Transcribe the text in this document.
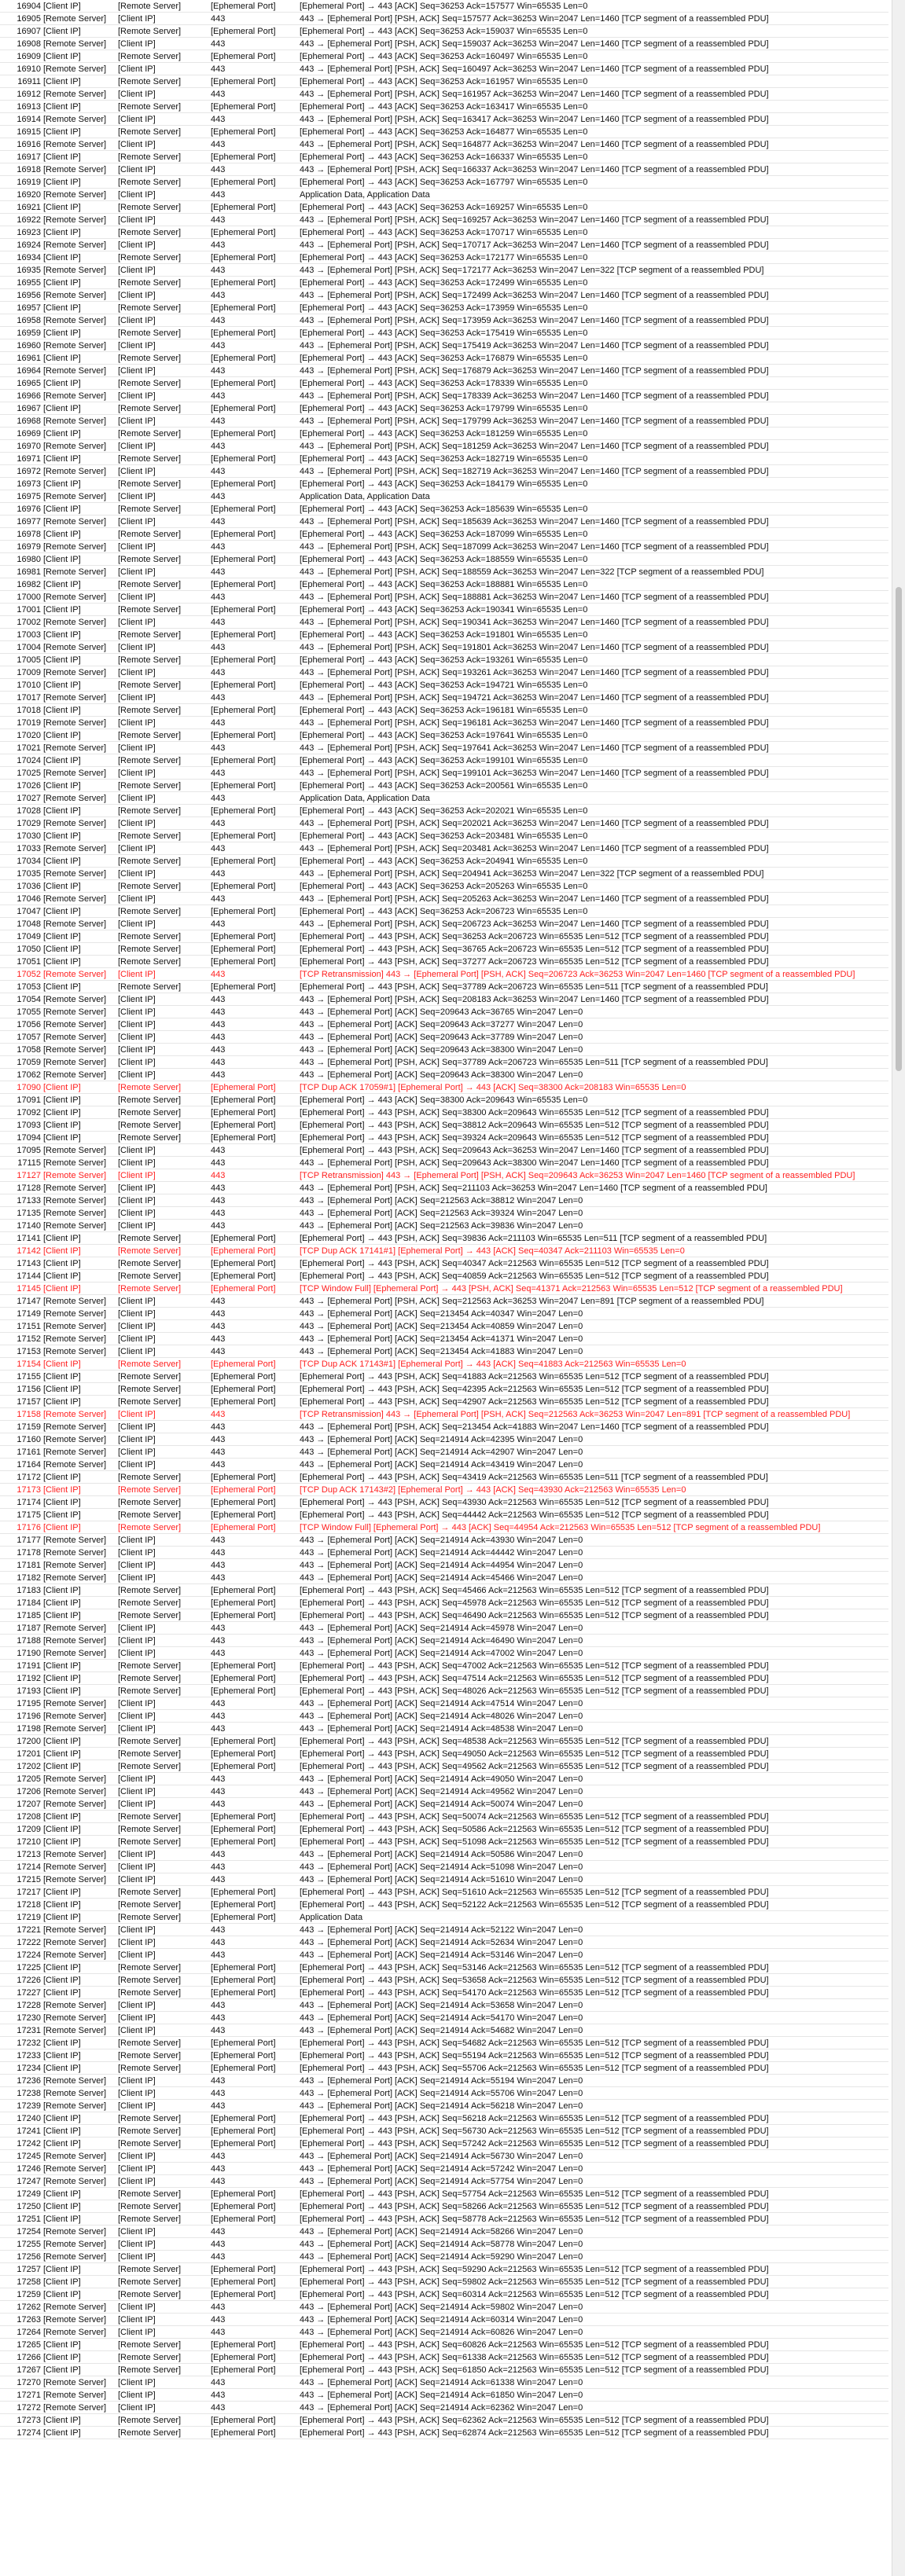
16904 [Client IP]	[Remote Server]	[Ephemeral Port]	[Ephemeral Port] → 443 [ACK] Seq=36253 Ack=157577 Win=65535 Len=0
16905 [Remote Server]	[Client IP]	443	443 → [Ephemeral Port] [PSH, ACK] Seq=157577 Ack=36253 Win=2047 Len=1460 [TCP segment of a reassembled PDU]
16907 [Client IP]	[Remote Server]	[Ephemeral Port]	[Ephemeral Port] → 443 [ACK] Seq=36253 Ack=159037 Win=65535 Len=0
16908 [Remote Server]	[Client IP]	443	443 → [Ephemeral Port] [PSH, ACK] Seq=159037 Ack=36253 Win=2047 Len=1460 [TCP segment of a reassembled PDU]
16909 [Client IP]	[Remote Server]	[Ephemeral Port]	[Ephemeral Port] → 443 [ACK] Seq=36253 Ack=160497 Win=65535 Len=0
16910 [Remote Server]	[Client IP]	443	443 → [Ephemeral Port] [PSH, ACK] Seq=160497 Ack=36253 Win=2047 Len=1460 [TCP segment of a reassembled PDU]
16911 [Client IP]	[Remote Server]	[Ephemeral Port]	[Ephemeral Port] → 443 [ACK] Seq=36253 Ack=161957 Win=65535 Len=0
16912 [Remote Server]	[Client IP]	443	443 → [Ephemeral Port] [PSH, ACK] Seq=161957 Ack=36253 Win=2047 Len=1460 [TCP segment of a reassembled PDU]
16913 [Client IP]	[Remote Server]	[Ephemeral Port]	[Ephemeral Port] → 443 [ACK] Seq=36253 Ack=163417 Win=65535 Len=0
16914 [Remote Server]	[Client IP]	443	443 → [Ephemeral Port] [PSH, ACK] Seq=163417 Ack=36253 Win=2047 Len=1460 [TCP segment of a reassembled PDU]
16915 [Client IP]	[Remote Server]	[Ephemeral Port]	[Ephemeral Port] → 443 [ACK] Seq=36253 Ack=164877 Win=65535 Len=0
16916 [Remote Server]	[Client IP]	443	443 → [Ephemeral Port] [PSH, ACK] Seq=164877 Ack=36253 Win=2047 Len=1460 [TCP segment of a reassembled PDU]
16917 [Client IP]	[Remote Server]	[Ephemeral Port]	[Ephemeral Port] → 443 [ACK] Seq=36253 Ack=166337 Win=65535 Len=0
16918 [Remote Server]	[Client IP]	443	443 → [Ephemeral Port] [PSH, ACK] Seq=166337 Ack=36253 Win=2047 Len=1460 [TCP segment of a reassembled PDU]
16919 [Client IP]	[Remote Server]	[Ephemeral Port]	[Ephemeral Port] → 443 [ACK] Seq=36253 Ack=167797 Win=65535 Len=0
16920 [Remote Server]	[Client IP]	443	Application Data, Application Data
16921 [Client IP]	[Remote Server]	[Ephemeral Port]	[Ephemeral Port] → 443 [ACK] Seq=36253 Ack=169257 Win=65535 Len=0
16922 [Remote Server]	[Client IP]	443	443 → [Ephemeral Port] [PSH, ACK] Seq=169257 Ack=36253 Win=2047 Len=1460 [TCP segment of a reassembled PDU]
16923 [Client IP]	[Remote Server]	[Ephemeral Port]	[Ephemeral Port] → 443 [ACK] Seq=36253 Ack=170717 Win=65535 Len=0
16924 [Remote Server]	[Client IP]	443	443 → [Ephemeral Port] [PSH, ACK] Seq=170717 Ack=36253 Win=2047 Len=1460 [TCP segment of a reassembled PDU]
16934 [Client IP]	[Remote Server]	[Ephemeral Port]	[Ephemeral Port] → 443 [ACK] Seq=36253 Ack=172177 Win=65535 Len=0
16935 [Remote Server]	[Client IP]	443	443 → [Ephemeral Port] [PSH, ACK] Seq=172177 Ack=36253 Win=2047 Len=322 [TCP segment of a reassembled PDU]
16955 [Client IP]	[Remote Server]	[Ephemeral Port]	[Ephemeral Port] → 443 [ACK] Seq=36253 Ack=172499 Win=65535 Len=0
16956 [Remote Server]	[Client IP]	443	443 → [Ephemeral Port] [PSH, ACK] Seq=172499 Ack=36253 Win=2047 Len=1460 [TCP segment of a reassembled PDU]
16957 [Client IP]	[Remote Server]	[Ephemeral Port]	[Ephemeral Port] → 443 [ACK] Seq=36253 Ack=173959 Win=65535 Len=0
16958 [Remote Server]	[Client IP]	443	443 → [Ephemeral Port] [PSH, ACK] Seq=173959 Ack=36253 Win=2047 Len=1460 [TCP segment of a reassembled PDU]
16959 [Client IP]	[Remote Server]	[Ephemeral Port]	[Ephemeral Port] → 443 [ACK] Seq=36253 Ack=175419 Win=65535 Len=0
16960 [Remote Server]	[Client IP]	443	443 → [Ephemeral Port] [PSH, ACK] Seq=175419 Ack=36253 Win=2047 Len=1460 [TCP segment of a reassembled PDU]
16961 [Client IP]	[Remote Server]	[Ephemeral Port]	[Ephemeral Port] → 443 [ACK] Seq=36253 Ack=176879 Win=65535 Len=0
16964 [Remote Server]	[Client IP]	443	443 → [Ephemeral Port] [PSH, ACK] Seq=176879 Ack=36253 Win=2047 Len=1460 [TCP segment of a reassembled PDU]
16965 [Client IP]	[Remote Server]	[Ephemeral Port]	[Ephemeral Port] → 443 [ACK] Seq=36253 Ack=178339 Win=65535 Len=0
16966 [Remote Server]	[Client IP]	443	443 → [Ephemeral Port] [PSH, ACK] Seq=178339 Ack=36253 Win=2047 Len=1460 [TCP segment of a reassembled PDU]
16967 [Client IP]	[Remote Server]	[Ephemeral Port]	[Ephemeral Port] → 443 [ACK] Seq=36253 Ack=179799 Win=65535 Len=0
16968 [Remote Server]	[Client IP]	443	443 → [Ephemeral Port] [PSH, ACK] Seq=179799 Ack=36253 Win=2047 Len=1460 [TCP segment of a reassembled PDU]
16969 [Client IP]	[Remote Server]	[Ephemeral Port]	[Ephemeral Port] → 443 [ACK] Seq=36253 Ack=181259 Win=65535 Len=0
16970 [Remote Server]	[Client IP]	443	443 → [Ephemeral Port] [PSH, ACK] Seq=181259 Ack=36253 Win=2047 Len=1460 [TCP segment of a reassembled PDU]
16971 [Client IP]	[Remote Server]	[Ephemeral Port]	[Ephemeral Port] → 443 [ACK] Seq=36253 Ack=182719 Win=65535 Len=0
16972 [Remote Server]	[Client IP]	443	443 → [Ephemeral Port] [PSH, ACK] Seq=182719 Ack=36253 Win=2047 Len=1460 [TCP segment of a reassembled PDU]
16973 [Client IP]	[Remote Server]	[Ephemeral Port]	[Ephemeral Port] → 443 [ACK] Seq=36253 Ack=184179 Win=65535 Len=0
16975 [Remote Server]	[Client IP]	443	Application Data, Application Data
16976 [Client IP]	[Remote Server]	[Ephemeral Port]	[Ephemeral Port] → 443 [ACK] Seq=36253 Ack=185639 Win=65535 Len=0
16977 [Remote Server]	[Client IP]	443	443 → [Ephemeral Port] [PSH, ACK] Seq=185639 Ack=36253 Win=2047 Len=1460 [TCP segment of a reassembled PDU]
16978 [Client IP]	[Remote Server]	[Ephemeral Port]	[Ephemeral Port] → 443 [ACK] Seq=36253 Ack=187099 Win=65535 Len=0
16979 [Remote Server]	[Client IP]	443	443 → [Ephemeral Port] [PSH, ACK] Seq=187099 Ack=36253 Win=2047 Len=1460 [TCP segment of a reassembled PDU]
16980 [Client IP]	[Remote Server]	[Ephemeral Port]	[Ephemeral Port] → 443 [ACK] Seq=36253 Ack=188559 Win=65535 Len=0
16981 [Remote Server]	[Client IP]	443	443 → [Ephemeral Port] [PSH, ACK] Seq=188559 Ack=36253 Win=2047 Len=322 [TCP segment of a reassembled PDU]
16982 [Client IP]	[Remote Server]	[Ephemeral Port]	[Ephemeral Port] → 443 [ACK] Seq=36253 Ack=188881 Win=65535 Len=0
17000 [Remote Server]	[Client IP]	443	443 → [Ephemeral Port] [PSH, ACK] Seq=188881 Ack=36253 Win=2047 Len=1460 [TCP segment of a reassembled PDU]
17001 [Client IP]	[Remote Server]	[Ephemeral Port]	[Ephemeral Port] → 443 [ACK] Seq=36253 Ack=190341 Win=65535 Len=0
17002 [Remote Server]	[Client IP]	443	443 → [Ephemeral Port] [PSH, ACK] Seq=190341 Ack=36253 Win=2047 Len=1460 [TCP segment of a reassembled PDU]
17003 [Client IP]	[Remote Server]	[Ephemeral Port]	[Ephemeral Port] → 443 [ACK] Seq=36253 Ack=191801 Win=65535 Len=0
17004 [Remote Server]	[Client IP]	443	443 → [Ephemeral Port] [PSH, ACK] Seq=191801 Ack=36253 Win=2047 Len=1460 [TCP segment of a reassembled PDU]
17005 [Client IP]	[Remote Server]	[Ephemeral Port]	[Ephemeral Port] → 443 [ACK] Seq=36253 Ack=193261 Win=65535 Len=0
17009 [Remote Server]	[Client IP]	443	443 → [Ephemeral Port] [PSH, ACK] Seq=193261 Ack=36253 Win=2047 Len=1460 [TCP segment of a reassembled PDU]
17010 [Client IP]	[Remote Server]	[Ephemeral Port]	[Ephemeral Port] → 443 [ACK] Seq=36253 Ack=194721 Win=65535 Len=0
17017 [Remote Server]	[Client IP]	443	443 → [Ephemeral Port] [PSH, ACK] Seq=194721 Ack=36253 Win=2047 Len=1460 [TCP segment of a reassembled PDU]
17018 [Client IP]	[Remote Server]	[Ephemeral Port]	[Ephemeral Port] → 443 [ACK] Seq=36253 Ack=196181 Win=65535 Len=0
17019 [Remote Server]	[Client IP]	443	443 → [Ephemeral Port] [PSH, ACK] Seq=196181 Ack=36253 Win=2047 Len=1460 [TCP segment of a reassembled PDU]
17020 [Client IP]	[Remote Server]	[Ephemeral Port]	[Ephemeral Port] → 443 [ACK] Seq=36253 Ack=197641 Win=65535 Len=0
17021 [Remote Server]	[Client IP]	443	443 → [Ephemeral Port] [PSH, ACK] Seq=197641 Ack=36253 Win=2047 Len=1460 [TCP segment of a reassembled PDU]
17024 [Client IP]	[Remote Server]	[Ephemeral Port]	[Ephemeral Port] → 443 [ACK] Seq=36253 Ack=199101 Win=65535 Len=0
17025 [Remote Server]	[Client IP]	443	443 → [Ephemeral Port] [PSH, ACK] Seq=199101 Ack=36253 Win=2047 Len=1460 [TCP segment of a reassembled PDU]
17026 [Client IP]	[Remote Server]	[Ephemeral Port]	[Ephemeral Port] → 443 [ACK] Seq=36253 Ack=200561 Win=65535 Len=0
17027 [Remote Server]	[Client IP]	443	Application Data, Application Data
17028 [Client IP]	[Remote Server]	[Ephemeral Port]	[Ephemeral Port] → 443 [ACK] Seq=36253 Ack=202021 Win=65535 Len=0
17029 [Remote Server]	[Client IP]	443	443 → [Ephemeral Port] [PSH, ACK] Seq=202021 Ack=36253 Win=2047 Len=1460 [TCP segment of a reassembled PDU]
17030 [Client IP]	[Remote Server]	[Ephemeral Port]	[Ephemeral Port] → 443 [ACK] Seq=36253 Ack=203481 Win=65535 Len=0
17033 [Remote Server]	[Client IP]	443	443 → [Ephemeral Port] [PSH, ACK] Seq=203481 Ack=36253 Win=2047 Len=1460 [TCP segment of a reassembled PDU]
17034 [Client IP]	[Remote Server]	[Ephemeral Port]	[Ephemeral Port] → 443 [ACK] Seq=36253 Ack=204941 Win=65535 Len=0
17035 [Remote Server]	[Client IP]	443	443 → [Ephemeral Port] [PSH, ACK] Seq=204941 Ack=36253 Win=2047 Len=322 [TCP segment of a reassembled PDU]
17036 [Client IP]	[Remote Server]	[Ephemeral Port]	[Ephemeral Port] → 443 [ACK] Seq=36253 Ack=205263 Win=65535 Len=0
17046 [Remote Server]	[Client IP]	443	443 → [Ephemeral Port] [PSH, ACK] Seq=205263 Ack=36253 Win=2047 Len=1460 [TCP segment of a reassembled PDU]
17047 [Client IP]	[Remote Server]	[Ephemeral Port]	[Ephemeral Port] → 443 [ACK] Seq=36253 Ack=206723 Win=65535 Len=0
17048 [Remote Server]	[Client IP]	443	443 → [Ephemeral Port] [PSH, ACK] Seq=206723 Ack=36253 Win=2047 Len=1460 [TCP segment of a reassembled PDU]
17049 [Client IP]	[Remote Server]	[Ephemeral Port]	[Ephemeral Port] → 443 [PSH, ACK] Seq=36253 Ack=206723 Win=65535 Len=512 [TCP segment of a reassembled PDU]
17050 [Client IP]	[Remote Server]	[Ephemeral Port]	[Ephemeral Port] → 443 [PSH, ACK] Seq=36765 Ack=206723 Win=65535 Len=512 [TCP segment of a reassembled PDU]
17051 [Client IP]	[Remote Server]	[Ephemeral Port]	[Ephemeral Port] → 443 [PSH, ACK] Seq=37277 Ack=206723 Win=65535 Len=512 [TCP segment of a reassembled PDU]
17052 [Remote Server]	[Client IP]	443	[TCP Retransmission] 443 → [Ephemeral Port] [PSH, ACK] Seq=206723 Ack=36253 Win=2047 Len=1460 [TCP segment of a reassembled PDU]
17053 [Client IP]	[Remote Server]	[Ephemeral Port]	[Ephemeral Port] → 443 [PSH, ACK] Seq=37789 Ack=206723 Win=65535 Len=511 [TCP segment of a reassembled PDU]
17054 [Remote Server]	[Client IP]	443	443 → [Ephemeral Port] [PSH, ACK] Seq=208183 Ack=36253 Win=2047 Len=1460 [TCP segment of a reassembled PDU]
17055 [Remote Server]	[Client IP]	443	443 → [Ephemeral Port] [ACK] Seq=209643 Ack=36765 Win=2047 Len=0
17056 [Remote Server]	[Client IP]	443	443 → [Ephemeral Port] [ACK] Seq=209643 Ack=37277 Win=2047 Len=0
17057 [Remote Server]	[Client IP]	443	443 → [Ephemeral Port] [ACK] Seq=209643 Ack=37789 Win=2047 Len=0
17058 [Remote Server]	[Client IP]	443	443 → [Ephemeral Port] [ACK] Seq=209643 Ack=38300 Win=2047 Len=0
17059 [Remote Server]	[Client IP]	443	443 → [Ephemeral Port] [PSH, ACK] Seq=37789 Ack=206723 Win=65535 Len=511 [TCP segment of a reassembled PDU]
17062 [Remote Server]	[Client IP]	443	443 → [Ephemeral Port] [ACK] Seq=209643 Ack=38300 Win=2047 Len=0
17090 [Client IP]	[Remote Server]	[Ephemeral Port]	[TCP Dup ACK 17059#1] [Ephemeral Port] → 443 [ACK] Seq=38300 Ack=208183 Win=65535 Len=0
17091 [Client IP]	[Remote Server]	[Ephemeral Port]	[Ephemeral Port] → 443 [ACK] Seq=38300 Ack=209643 Win=65535 Len=0
17092 [Client IP]	[Remote Server]	[Ephemeral Port]	[Ephemeral Port] → 443 [PSH, ACK] Seq=38300 Ack=209643 Win=65535 Len=512 [TCP segment of a reassembled PDU]
17093 [Client IP]	[Remote Server]	[Ephemeral Port]	[Ephemeral Port] → 443 [PSH, ACK] Seq=38812 Ack=209643 Win=65535 Len=512 [TCP segment of a reassembled PDU]
17094 [Client IP]	[Remote Server]	[Ephemeral Port]	[Ephemeral Port] → 443 [PSH, ACK] Seq=39324 Ack=209643 Win=65535 Len=512 [TCP segment of a reassembled PDU]
17095 [Remote Server]	[Client IP]	443	[Ephemeral Port] → 443 [PSH, ACK] Seq=209643 Ack=36253 Win=2047 Len=1460 [TCP segment of a reassembled PDU]
17115 [Remote Server]	[Client IP]	443	443 → [Ephemeral Port] [PSH, ACK] Seq=209643 Ack=38300 Win=2047 Len=1460 [TCP segment of a reassembled PDU]
17127 [Remote Server]	[Client IP]	443	[TCP Retransmission] 443 → [Ephemeral Port] [PSH, ACK] Seq=209643 Ack=36253 Win=2047 Len=1460 [TCP segment of a reassembled PDU]
17128 [Remote Server]	[Client IP]	443	443 → [Ephemeral Port] [PSH, ACK] Seq=211103 Ack=36253 Win=2047 Len=1460 [TCP segment of a reassembled PDU]
17133 [Remote Server]	[Client IP]	443	443 → [Ephemeral Port] [ACK] Seq=212563 Ack=38812 Win=2047 Len=0
17135 [Remote Server]	[Client IP]	443	443 → [Ephemeral Port] [ACK] Seq=212563 Ack=39324 Win=2047 Len=0
17140 [Remote Server]	[Client IP]	443	443 → [Ephemeral Port] [ACK] Seq=212563 Ack=39836 Win=2047 Len=0
17141 [Client IP]	[Remote Server]	[Ephemeral Port]	[Ephemeral Port] → 443 [PSH, ACK] Seq=39836 Ack=211103 Win=65535 Len=511 [TCP segment of a reassembled PDU]
17142 [Client IP]	[Remote Server]	[Ephemeral Port]	[TCP Dup ACK 17141#1] [Ephemeral Port] → 443 [ACK] Seq=40347 Ack=211103 Win=65535 Len=0
17143 [Client IP]	[Remote Server]	[Ephemeral Port]	[Ephemeral Port] → 443 [PSH, ACK] Seq=40347 Ack=212563 Win=65535 Len=512 [TCP segment of a reassembled PDU]
17144 [Client IP]	[Remote Server]	[Ephemeral Port]	[Ephemeral Port] → 443 [PSH, ACK] Seq=40859 Ack=212563 Win=65535 Len=512 [TCP segment of a reassembled PDU]
17145 [Client IP]	[Remote Server]	[Ephemeral Port]	[TCP Window Full] [Ephemeral Port] → 443 [PSH, ACK] Seq=41371 Ack=212563 Win=65535 Len=512 [TCP segment of a reassembled PDU]
17147 [Remote Server]	[Client IP]	443	443 → [Ephemeral Port] [PSH, ACK] Seq=212563 Ack=36253 Win=2047 Len=891 [TCP segment of a reassembled PDU]
17149 [Remote Server]	[Client IP]	443	443 → [Ephemeral Port] [ACK] Seq=213454 Ack=40347 Win=2047 Len=0
17151 [Remote Server]	[Client IP]	443	443 → [Ephemeral Port] [ACK] Seq=213454 Ack=40859 Win=2047 Len=0
17152 [Remote Server]	[Client IP]	443	443 → [Ephemeral Port] [ACK] Seq=213454 Ack=41371 Win=2047 Len=0
17153 [Remote Server]	[Client IP]	443	443 → [Ephemeral Port] [ACK] Seq=213454 Ack=41883 Win=2047 Len=0
17154 [Client IP]	[Remote Server]	[Ephemeral Port]	[TCP Dup ACK 17143#1] [Ephemeral Port] → 443 [ACK] Seq=41883 Ack=212563 Win=65535 Len=0
17155 [Client IP]	[Remote Server]	[Ephemeral Port]	[Ephemeral Port] → 443 [PSH, ACK] Seq=41883 Ack=212563 Win=65535 Len=512 [TCP segment of a reassembled PDU]
17156 [Client IP]	[Remote Server]	[Ephemeral Port]	[Ephemeral Port] → 443 [PSH, ACK] Seq=42395 Ack=212563 Win=65535 Len=512 [TCP segment of a reassembled PDU]
17157 [Client IP]	[Remote Server]	[Ephemeral Port]	[Ephemeral Port] → 443 [PSH, ACK] Seq=42907 Ack=212563 Win=65535 Len=512 [TCP segment of a reassembled PDU]
17158 [Remote Server]	[Client IP]	443	[TCP Retransmission] 443 → [Ephemeral Port] [PSH, ACK] Seq=212563 Ack=36253 Win=2047 Len=891 [TCP segment of a reassembled PDU]
17159 [Remote Server]	[Client IP]	443	443 → [Ephemeral Port] [PSH, ACK] Seq=213454 Ack=41883 Win=2047 Len=1460 [TCP segment of a reassembled PDU]
17160 [Remote Server]	[Client IP]	443	443 → [Ephemeral Port] [ACK] Seq=214914 Ack=42395 Win=2047 Len=0
17161 [Remote Server]	[Client IP]	443	443 → [Ephemeral Port] [ACK] Seq=214914 Ack=42907 Win=2047 Len=0
17164 [Remote Server]	[Client IP]	443	443 → [Ephemeral Port] [ACK] Seq=214914 Ack=43419 Win=2047 Len=0
17172 [Client IP]	[Remote Server]	[Ephemeral Port]	[Ephemeral Port] → 443 [PSH, ACK] Seq=43419 Ack=212563 Win=65535 Len=511 [TCP segment of a reassembled PDU]
17173 [Client IP]	[Remote Server]	[Ephemeral Port]	[TCP Dup ACK 17143#2] [Ephemeral Port] → 443 [ACK] Seq=43930 Ack=212563 Win=65535 Len=0
17174 [Client IP]	[Remote Server]	[Ephemeral Port]	[Ephemeral Port] → 443 [PSH, ACK] Seq=43930 Ack=212563 Win=65535 Len=512 [TCP segment of a reassembled PDU]
17175 [Client IP]	[Remote Server]	[Ephemeral Port]	[Ephemeral Port] → 443 [PSH, ACK] Seq=44442 Ack=212563 Win=65535 Len=512 [TCP segment of a reassembled PDU]
17176 [Client IP]	[Remote Server]	[Ephemeral Port]	[TCP Window Full] [Ephemeral Port] → 443 [ACK] Seq=44954 Ack=212563 Win=65535 Len=512 [TCP segment of a reassembled PDU]
17177 [Remote Server]	[Client IP]	443	443 → [Ephemeral Port] [ACK] Seq=214914 Ack=43930 Win=2047 Len=0
17178 [Remote Server]	[Client IP]	443	443 → [Ephemeral Port] [ACK] Seq=214914 Ack=44442 Win=2047 Len=0
17181 [Remote Server]	[Client IP]	443	443 → [Ephemeral Port] [ACK] Seq=214914 Ack=44954 Win=2047 Len=0
17182 [Remote Server]	[Client IP]	443	443 → [Ephemeral Port] [ACK] Seq=214914 Ack=45466 Win=2047 Len=0
17183 [Client IP]	[Remote Server]	[Ephemeral Port]	[Ephemeral Port] → 443 [PSH, ACK] Seq=45466 Ack=212563 Win=65535 Len=512 [TCP segment of a reassembled PDU]
17184 [Client IP]	[Remote Server]	[Ephemeral Port]	[Ephemeral Port] → 443 [PSH, ACK] Seq=45978 Ack=212563 Win=65535 Len=512 [TCP segment of a reassembled PDU]
17185 [Client IP]	[Remote Server]	[Ephemeral Port]	[Ephemeral Port] → 443 [PSH, ACK] Seq=46490 Ack=212563 Win=65535 Len=512 [TCP segment of a reassembled PDU]
17187 [Remote Server]	[Client IP]	443	443 → [Ephemeral Port] [ACK] Seq=214914 Ack=45978 Win=2047 Len=0
17188 [Remote Server]	[Client IP]	443	443 → [Ephemeral Port] [ACK] Seq=214914 Ack=46490 Win=2047 Len=0
17190 [Remote Server]	[Client IP]	443	443 → [Ephemeral Port] [ACK] Seq=214914 Ack=47002 Win=2047 Len=0
17191 [Client IP]	[Remote Server]	[Ephemeral Port]	[Ephemeral Port] → 443 [PSH, ACK] Seq=47002 Ack=212563 Win=65535 Len=512 [TCP segment of a reassembled PDU]
17192 [Client IP]	[Remote Server]	[Ephemeral Port]	[Ephemeral Port] → 443 [PSH, ACK] Seq=47514 Ack=212563 Win=65535 Len=512 [TCP segment of a reassembled PDU]
17193 [Client IP]	[Remote Server]	[Ephemeral Port]	[Ephemeral Port] → 443 [PSH, ACK] Seq=48026 Ack=212563 Win=65535 Len=512 [TCP segment of a reassembled PDU]
17195 [Remote Server]	[Client IP]	443	443 → [Ephemeral Port] [ACK] Seq=214914 Ack=47514 Win=2047 Len=0
17196 [Remote Server]	[Client IP]	443	443 → [Ephemeral Port] [ACK] Seq=214914 Ack=48026 Win=2047 Len=0
17198 [Remote Server]	[Client IP]	443	443 → [Ephemeral Port] [ACK] Seq=214914 Ack=48538 Win=2047 Len=0
17200 [Client IP]	[Remote Server]	[Ephemeral Port]	[Ephemeral Port] → 443 [PSH, ACK] Seq=48538 Ack=212563 Win=65535 Len=512 [TCP segment of a reassembled PDU]
17201 [Client IP]	[Remote Server]	[Ephemeral Port]	[Ephemeral Port] → 443 [PSH, ACK] Seq=49050 Ack=212563 Win=65535 Len=512 [TCP segment of a reassembled PDU]
17202 [Client IP]	[Remote Server]	[Ephemeral Port]	[Ephemeral Port] → 443 [PSH, ACK] Seq=49562 Ack=212563 Win=65535 Len=512 [TCP segment of a reassembled PDU]
17205 [Remote Server]	[Client IP]	443	443 → [Ephemeral Port] [ACK] Seq=214914 Ack=49050 Win=2047 Len=0
17206 [Remote Server]	[Client IP]	443	443 → [Ephemeral Port] [ACK] Seq=214914 Ack=49562 Win=2047 Len=0
17207 [Remote Server]	[Client IP]	443	443 → [Ephemeral Port] [ACK] Seq=214914 Ack=50074 Win=2047 Len=0
17208 [Client IP]	[Remote Server]	[Ephemeral Port]	[Ephemeral Port] → 443 [PSH, ACK] Seq=50074 Ack=212563 Win=65535 Len=512 [TCP segment of a reassembled PDU]
17209 [Client IP]	[Remote Server]	[Ephemeral Port]	[Ephemeral Port] → 443 [PSH, ACK] Seq=50586 Ack=212563 Win=65535 Len=512 [TCP segment of a reassembled PDU]
17210 [Client IP]	[Remote Server]	[Ephemeral Port]	[Ephemeral Port] → 443 [PSH, ACK] Seq=51098 Ack=212563 Win=65535 Len=512 [TCP segment of a reassembled PDU]
17213 [Remote Server]	[Client IP]	443	443 → [Ephemeral Port] [ACK] Seq=214914 Ack=50586 Win=2047 Len=0
17214 [Remote Server]	[Client IP]	443	443 → [Ephemeral Port] [ACK] Seq=214914 Ack=51098 Win=2047 Len=0
17215 [Remote Server]	[Client IP]	443	443 → [Ephemeral Port] [ACK] Seq=214914 Ack=51610 Win=2047 Len=0
17217 [Client IP]	[Remote Server]	[Ephemeral Port]	[Ephemeral Port] → 443 [PSH, ACK] Seq=51610 Ack=212563 Win=65535 Len=512 [TCP segment of a reassembled PDU]
17218 [Client IP]	[Remote Server]	[Ephemeral Port]	[Ephemeral Port] → 443 [PSH, ACK] Seq=52122 Ack=212563 Win=65535 Len=512 [TCP segment of a reassembled PDU]
17219 [Client IP]	[Remote Server]	[Ephemeral Port]	Application Data
17221 [Remote Server]	[Client IP]	443	443 → [Ephemeral Port] [ACK] Seq=214914 Ack=52122 Win=2047 Len=0
17222 [Remote Server]	[Client IP]	443	443 → [Ephemeral Port] [ACK] Seq=214914 Ack=52634 Win=2047 Len=0
17224 [Remote Server]	[Client IP]	443	443 → [Ephemeral Port] [ACK] Seq=214914 Ack=53146 Win=2047 Len=0
17225 [Client IP]	[Remote Server]	[Ephemeral Port]	[Ephemeral Port] → 443 [PSH, ACK] Seq=53146 Ack=212563 Win=65535 Len=512 [TCP segment of a reassembled PDU]
17226 [Client IP]	[Remote Server]	[Ephemeral Port]	[Ephemeral Port] → 443 [PSH, ACK] Seq=53658 Ack=212563 Win=65535 Len=512 [TCP segment of a reassembled PDU]
17227 [Client IP]	[Remote Server]	[Ephemeral Port]	[Ephemeral Port] → 443 [PSH, ACK] Seq=54170 Ack=212563 Win=65535 Len=512 [TCP segment of a reassembled PDU]
17228 [Remote Server]	[Client IP]	443	443 → [Ephemeral Port] [ACK] Seq=214914 Ack=53658 Win=2047 Len=0
17230 [Remote Server]	[Client IP]	443	443 → [Ephemeral Port] [ACK] Seq=214914 Ack=54170 Win=2047 Len=0
17231 [Remote Server]	[Client IP]	443	443 → [Ephemeral Port] [ACK] Seq=214914 Ack=54682 Win=2047 Len=0
17232 [Client IP]	[Remote Server]	[Ephemeral Port]	[Ephemeral Port] → 443 [PSH, ACK] Seq=54682 Ack=212563 Win=65535 Len=512 [TCP segment of a reassembled PDU]
17233 [Client IP]	[Remote Server]	[Ephemeral Port]	[Ephemeral Port] → 443 [PSH, ACK] Seq=55194 Ack=212563 Win=65535 Len=512 [TCP segment of a reassembled PDU]
17234 [Client IP]	[Remote Server]	[Ephemeral Port]	[Ephemeral Port] → 443 [PSH, ACK] Seq=55706 Ack=212563 Win=65535 Len=512 [TCP segment of a reassembled PDU]
17236 [Remote Server]	[Client IP]	443	443 → [Ephemeral Port] [ACK] Seq=214914 Ack=55194 Win=2047 Len=0
17238 [Remote Server]	[Client IP]	443	443 → [Ephemeral Port] [ACK] Seq=214914 Ack=55706 Win=2047 Len=0
17239 [Remote Server]	[Client IP]	443	443 → [Ephemeral Port] [ACK] Seq=214914 Ack=56218 Win=2047 Len=0
17240 [Client IP]	[Remote Server]	[Ephemeral Port]	[Ephemeral Port] → 443 [PSH, ACK] Seq=56218 Ack=212563 Win=65535 Len=512 [TCP segment of a reassembled PDU]
17241 [Client IP]	[Remote Server]	[Ephemeral Port]	[Ephemeral Port] → 443 [PSH, ACK] Seq=56730 Ack=212563 Win=65535 Len=512 [TCP segment of a reassembled PDU]
17242 [Client IP]	[Remote Server]	[Ephemeral Port]	[Ephemeral Port] → 443 [PSH, ACK] Seq=57242 Ack=212563 Win=65535 Len=512 [TCP segment of a reassembled PDU]
17245 [Remote Server]	[Client IP]	443	443 → [Ephemeral Port] [ACK] Seq=214914 Ack=56730 Win=2047 Len=0
17246 [Remote Server]	[Client IP]	443	443 → [Ephemeral Port] [ACK] Seq=214914 Ack=57242 Win=2047 Len=0
17247 [Remote Server]	[Client IP]	443	443 → [Ephemeral Port] [ACK] Seq=214914 Ack=57754 Win=2047 Len=0
17249 [Client IP]	[Remote Server]	[Ephemeral Port]	[Ephemeral Port] → 443 [PSH, ACK] Seq=57754 Ack=212563 Win=65535 Len=512 [TCP segment of a reassembled PDU]
17250 [Client IP]	[Remote Server]	[Ephemeral Port]	[Ephemeral Port] → 443 [PSH, ACK] Seq=58266 Ack=212563 Win=65535 Len=512 [TCP segment of a reassembled PDU]
17251 [Client IP]	[Remote Server]	[Ephemeral Port]	[Ephemeral Port] → 443 [PSH, ACK] Seq=58778 Ack=212563 Win=65535 Len=512 [TCP segment of a reassembled PDU]
17254 [Remote Server]	[Client IP]	443	443 → [Ephemeral Port] [ACK] Seq=214914 Ack=58266 Win=2047 Len=0
17255 [Remote Server]	[Client IP]	443	443 → [Ephemeral Port] [ACK] Seq=214914 Ack=58778 Win=2047 Len=0
17256 [Remote Server]	[Client IP]	443	443 → [Ephemeral Port] [ACK] Seq=214914 Ack=59290 Win=2047 Len=0
17257 [Client IP]	[Remote Server]	[Ephemeral Port]	[Ephemeral Port] → 443 [PSH, ACK] Seq=59290 Ack=212563 Win=65535 Len=512 [TCP segment of a reassembled PDU]
17258 [Client IP]	[Remote Server]	[Ephemeral Port]	[Ephemeral Port] → 443 [PSH, ACK] Seq=59802 Ack=212563 Win=65535 Len=512 [TCP segment of a reassembled PDU]
17259 [Client IP]	[Remote Server]	[Ephemeral Port]	[Ephemeral Port] → 443 [PSH, ACK] Seq=60314 Ack=212563 Win=65535 Len=512 [TCP segment of a reassembled PDU]
17262 [Remote Server]	[Client IP]	443	443 → [Ephemeral Port] [ACK] Seq=214914 Ack=59802 Win=2047 Len=0
17263 [Remote Server]	[Client IP]	443	443 → [Ephemeral Port] [ACK] Seq=214914 Ack=60314 Win=2047 Len=0
17264 [Remote Server]	[Client IP]	443	443 → [Ephemeral Port] [ACK] Seq=214914 Ack=60826 Win=2047 Len=0
17265 [Client IP]	[Remote Server]	[Ephemeral Port]	[Ephemeral Port] → 443 [PSH, ACK] Seq=60826 Ack=212563 Win=65535 Len=512 [TCP segment of a reassembled PDU]
17266 [Client IP]	[Remote Server]	[Ephemeral Port]	[Ephemeral Port] → 443 [PSH, ACK] Seq=61338 Ack=212563 Win=65535 Len=512 [TCP segment of a reassembled PDU]
17267 [Client IP]	[Remote Server]	[Ephemeral Port]	[Ephemeral Port] → 443 [PSH, ACK] Seq=61850 Ack=212563 Win=65535 Len=512 [TCP segment of a reassembled PDU]
17270 [Remote Server]	[Client IP]	443	443 → [Ephemeral Port] [ACK] Seq=214914 Ack=61338 Win=2047 Len=0
17271 [Remote Server]	[Client IP]	443	443 → [Ephemeral Port] [ACK] Seq=214914 Ack=61850 Win=2047 Len=0
17272 [Remote Server]	[Client IP]	443	443 → [Ephemeral Port] [ACK] Seq=214914 Ack=62362 Win=2047 Len=0
17273 [Client IP]	[Remote Server]	[Ephemeral Port]	[Ephemeral Port] → 443 [PSH, ACK] Seq=62362 Ack=212563 Win=65535 Len=512 [TCP segment of a reassembled PDU]
17274 [Client IP]	[Remote Server]	[Ephemeral Port]	[Ephemeral Port] → 443 [PSH, ACK] Seq=62874 Ack=212563 Win=65535 Len=512 [TCP segment of a reassembled PDU]
